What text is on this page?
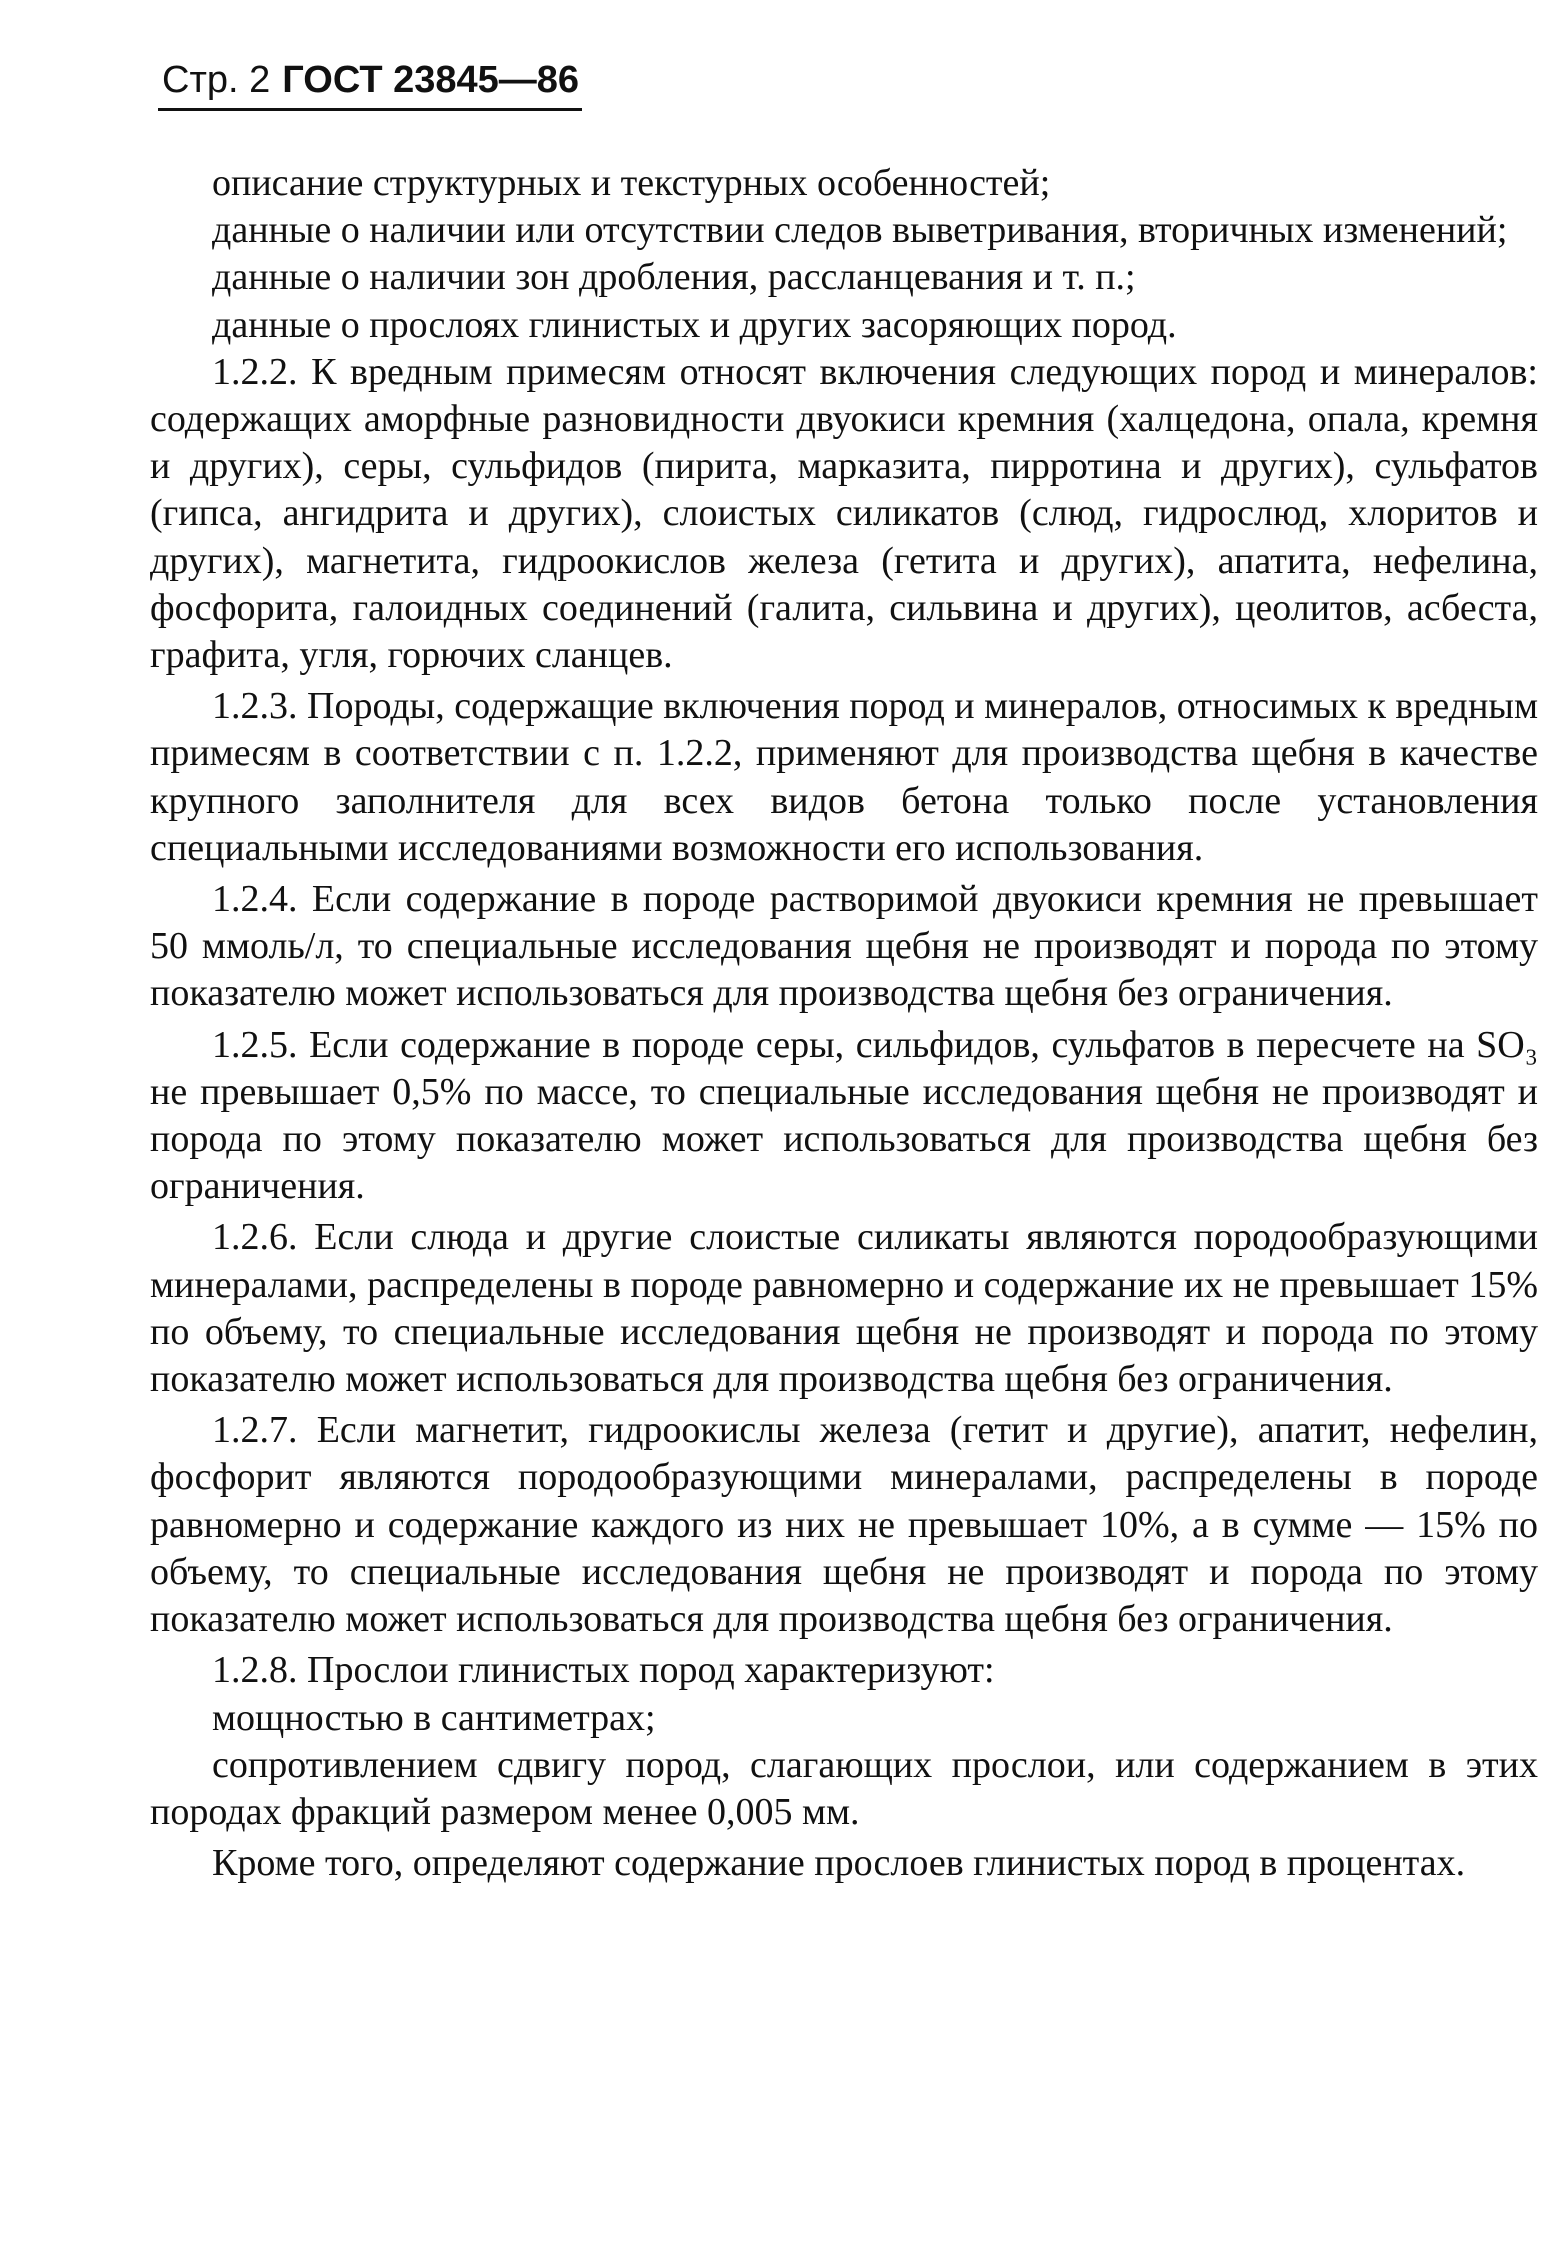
Стр. 2 ГОСТ 23845—86

описание структурных и текстурных особенностей;

данные о наличии или отсутствии следов выветривания, вторичных изменений;

данные о наличии зон дробления, рассланцевания и т. п.;

данные о прослоях глинистых и других засоряющих пород.

1.2.2. К вредным примесям относят включения следующих пород и минералов: содержащих аморфные разновидности двуокиси кремния (халцедона, опала, кремня и других), серы, сульфидов (пирита, марказита, пирротина и других), сульфатов (гипса, ангидрита и других), слоистых силикатов (слюд, гидрослюд, хлоритов и других), магнетита, гидроокислов железа (гетита и других), апатита, нефелина, фосфорита, галоидных соединений (галита, сильвина и других), цеолитов, асбеста, графита, угля, горючих сланцев.

1.2.3. Породы, содержащие включения пород и минералов, относимых к вредным примесям в соответствии с п. 1.2.2, применяют для производства щебня в качестве крупного заполнителя для всех видов бетона только после установления специальными исследованиями возможности его использования.

1.2.4. Если содержание в породе растворимой двуокиси кремния не превышает 50 ммоль/л, то специальные исследования щебня не производят и порода по этому показателю может использоваться для производства щебня без ограничения.

1.2.5. Если содержание в породе серы, сильфидов, сульфатов в пересчете на SO₃ не превышает 0,5% по массе, то специальные исследования щебня не производят и порода по этому показателю может использоваться для производства щебня без ограничения.

1.2.6. Если слюда и другие слоистые силикаты являются породообразующими минералами, распределены в породе равномерно и содержание их не превышает 15% по объему, то специальные исследования щебня не производят и порода по этому показателю может использоваться для производства щебня без ограничения.

1.2.7. Если магнетит, гидроокислы железа (гетит и другие), апатит, нефелин, фосфорит являются породообразующими минералами, распределены в породе равномерно и содержание каждого из них не превышает 10%, а в сумме — 15% по объему, то специальные исследования щебня не производят и порода по этому показателю может использоваться для производства щебня без ограничения.

1.2.8. Прослои глинистых пород характеризуют:

мощностью в сантиметрах;

сопротивлением сдвигу пород, слагающих прослои, или содержанием в этих породах фракций размером менее 0,005 мм.

Кроме того, определяют содержание прослоев глинистых пород в процентах.
